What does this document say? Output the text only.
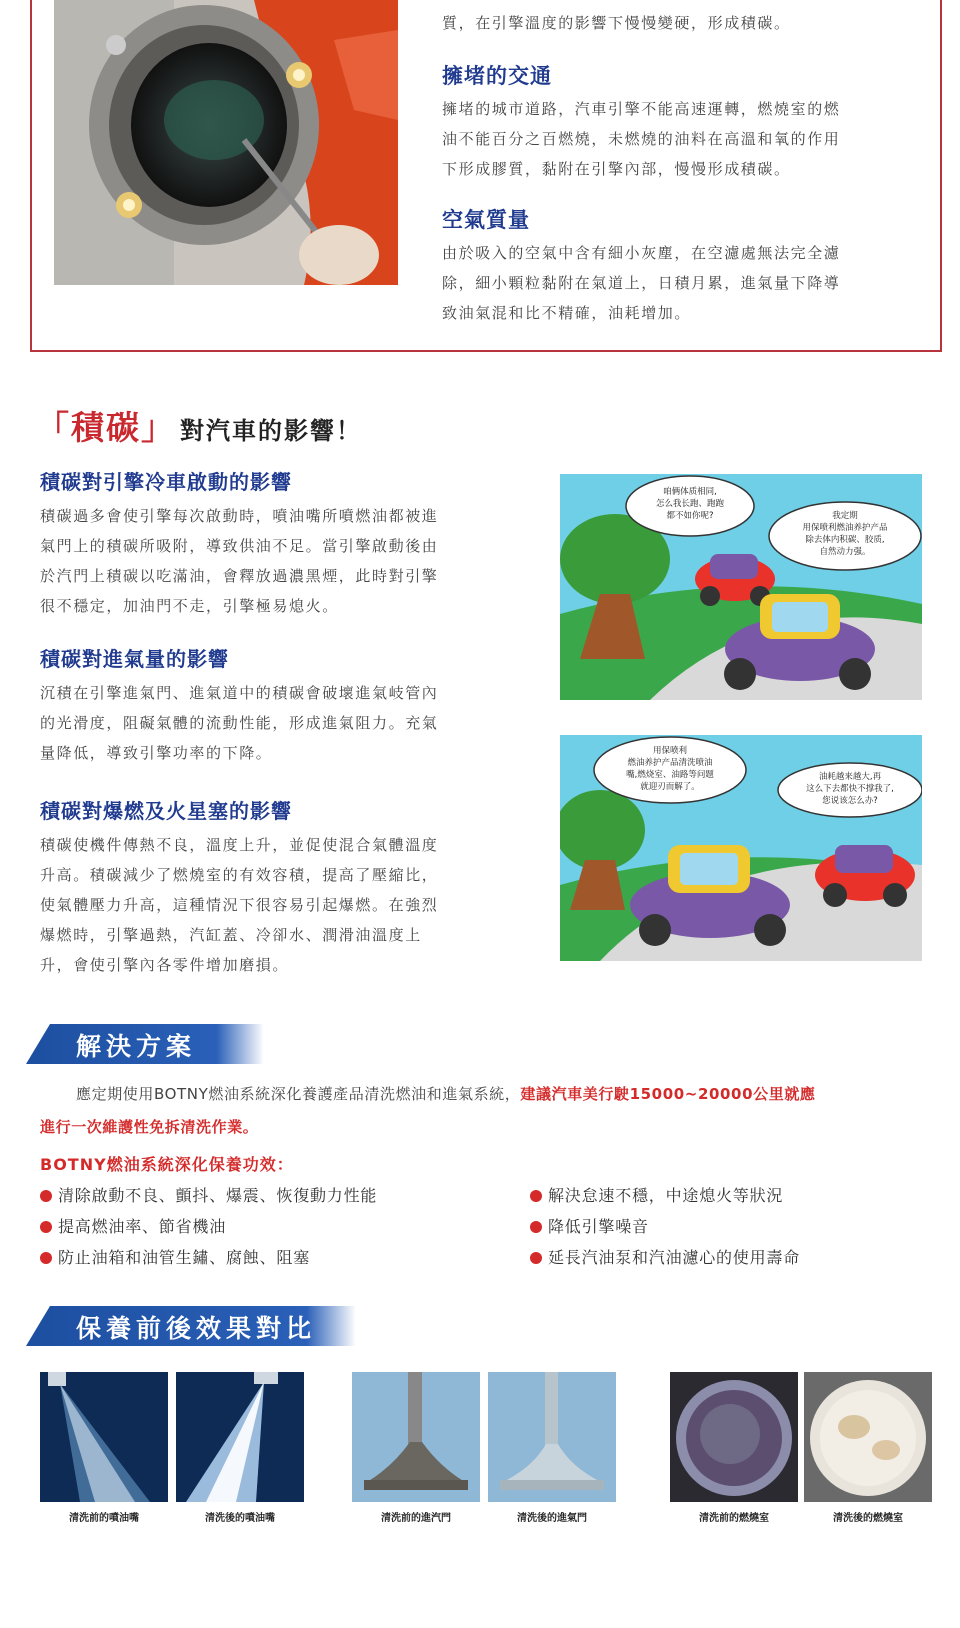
質，在引擎溫度的影響下慢慢變硬，形成積碳。
擁堵的交通
擁堵的城市道路，汽車引擎不能高速運轉，燃燒室的燃
油不能百分之百燃燒，未燃燒的油料在高溫和氧的作用
下形成膠質，黏附在引擎內部，慢慢形成積碳。
空氣質量
由於吸入的空氣中含有細小灰塵，在空濾處無法完全濾
除，細小顆粒黏附在氣道上，日積月累，進氣量下降導
致油氣混和比不精確，油耗增加。
「積碳」 對汽車的影響！
積碳對引擎冷車啟動的影響
積碳過多會使引擎每次啟動時，噴油嘴所噴燃油都被進
氣門上的積碳所吸附，導致供油不足。當引擎啟動後由
於汽門上積碳以吃滿油，會釋放過濃黑煙，此時對引擎
很不穩定，加油門不走，引擎極易熄火。
積碳對進氣量的影響
沉積在引擎進氣門、進氣道中的積碳會破壞進氣岐管內
的光滑度，阻礙氣體的流動性能，形成進氣阻力。充氣
量降低，導致引擎功率的下降。
積碳對爆燃及火星塞的影響
積碳使機件傳熱不良，溫度上升，並促使混合氣體溫度
升高。積碳減少了燃燒室的有效容積，提高了壓縮比，
使氣體壓力升高，這種情況下很容易引起爆燃。在強烈
爆燃時，引擎過熱，汽缸蓋、冷卻水、潤滑油溫度上
升，會使引擎內各零件增加磨損。
咱俩体质相同,
怎么我长跑、跑跑
都不如你呢?	我定期
用保喷利燃油养护产品
除去体内积碳、胶质,
自然动力强。
用保喷利
燃油养护产品清洗喷油
嘴,燃烧室、油路等问题
就迎刃而解了。
油耗越来越大,再
这么下去都快不撑我了,
您说该怎么办?
解決方案
應定期使用BOTNY燃油系統深化養護產品清洗燃油和進氣系統，建議汽車美行駛15000~20000公里就應
進行一次維護性免拆清洗作業。
BOTNY燃油系統深化保養功效：
清除啟動不良、顫抖、爆震、恢復動力性能	解決怠速不穩，中途熄火等狀況
提高燃油率、節省機油	降低引擎噪音
防止油箱和油管生鏽、腐蝕、阻塞	延長汽油泵和汽油濾心的使用壽命
保養前後效果對比
清洗前的噴油嘴	清洗後的噴油嘴	清洗前的進汽門	清洗後的進氣門	清洗前的燃燒室	清洗後的燃燒室
